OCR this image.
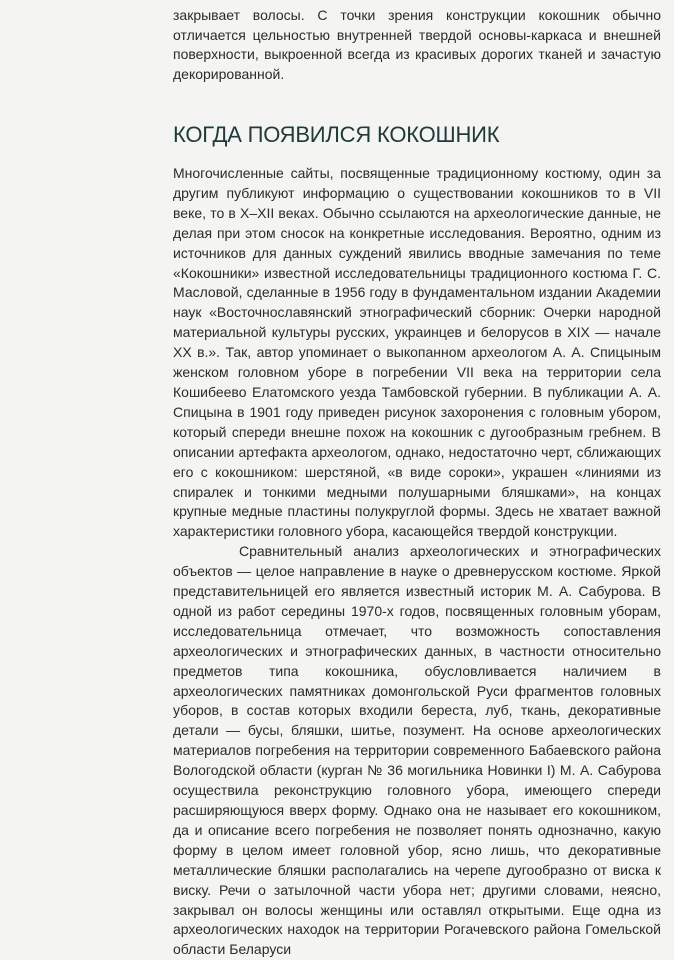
закрывает волосы. С точки зрения конструкции кокошник обычно отличается цельностью внутренней твердой основы-каркаса и внешней поверхности, выкроенной всегда из красивых дорогих тканей и зачастую декорированной.

КОГДА ПОЯВИЛСЯ КОКОШНИК

Многочисленные сайты, посвященные традиционному костюму, один за другим публикуют информацию о существовании кокошников то в VII веке, то в X–XII веках. Обычно ссылаются на археологические данные, не делая при этом сносок на конкретные исследования. Вероятно, одним из источников для данных суждений явились вводные замечания по теме «Кокошники» известной исследовательницы традиционного костюма Г. С. Масловой, сделанные в 1956 году в фундаментальном издании Академии наук «Восточнославянский этнографический сборник: Очерки народной материальной культуры русских, украинцев и белорусов в XIX — начале XX в.». Так, автор упоминает о выкопанном археологом А. А. Спицыным женском головном уборе в погребении VII века на территории села Кошибеево Елатомского уезда Тамбовской губернии. В публикации А. А. Спицына в 1901 году приведен рисунок захоронения с головным убором, который спереди внешне похож на кокошник с дугообразным гребнем. В описании артефакта археологом, однако, недостаточно черт, сближающих его с кокошником: шерстяной, «в виде сороки», украшен «линиями из спиралек и тонкими медными полушарными бляшками», на концах крупные медные пластины полукруглой формы. Здесь не хватает важной характеристики головного убора, касающейся твердой конструкции.

Сравнительный анализ археологических и этнографических объектов — целое направление в науке о древнерусском костюме. Яркой представительницей его является известный историк М. А. Сабурова. В одной из работ середины 1970-х годов, посвященных головным уборам, исследовательница отмечает, что возможность сопоставления археологических и этнографических данных, в частности относительно предметов типа кокошника, обусловливается наличием в археологических памятниках домонгольской Руси фрагментов головных уборов, в состав которых входили береста, луб, ткань, декоративные детали — бусы, бляшки, шитье, позумент. На основе археологических материалов погребения на территории современного Бабаевского района Вологодской области (курган № 36 могильника Новинки I) М. А. Сабурова осуществила реконструкцию головного убора, имеющего спереди расширяющуюся вверх форму. Однако она не называет его кокошником, да и описание всего погребения не позволяет понять однозначно, какую форму в целом имеет головной убор, ясно лишь, что декоративные металлические бляшки располагались на черепе дугообразно от виска к виску. Речи о затылочной части убора нет; другими словами, неясно, закрывал он волосы женщины или оставлял открытыми. Еще одна из археологических находок на территории Рогачевского района Гомельской области Беларуси
